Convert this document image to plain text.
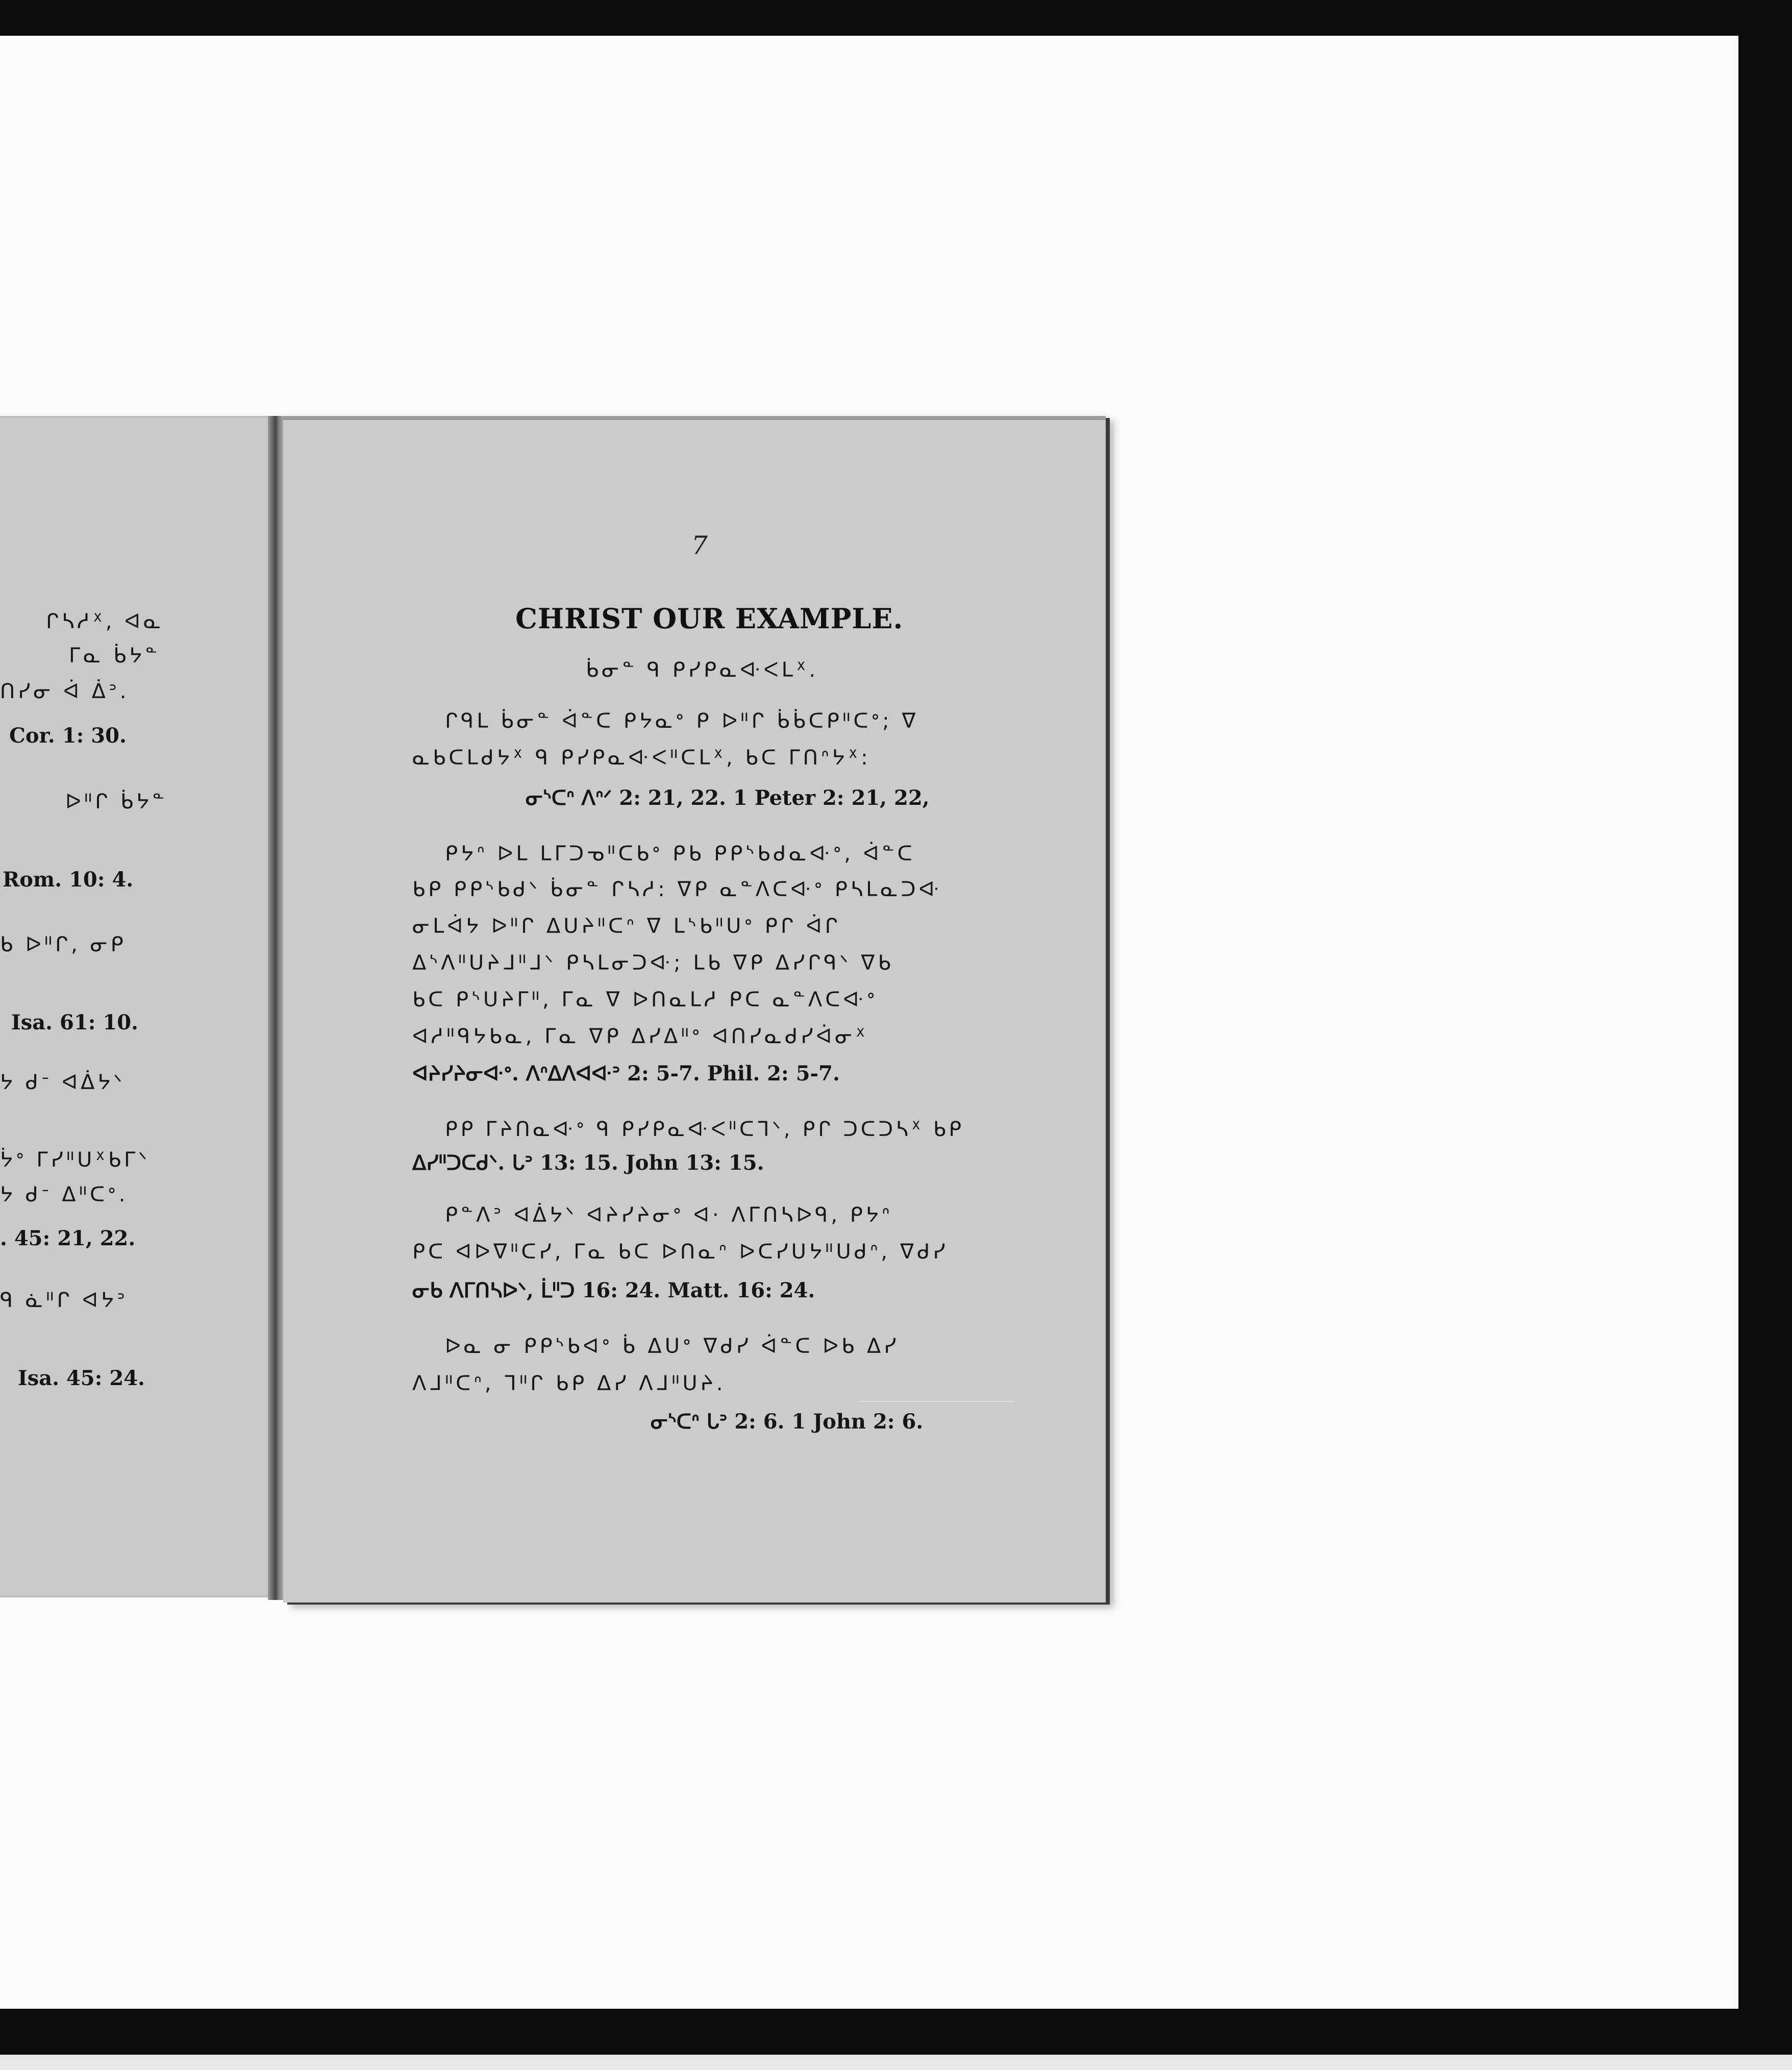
ᒋᓴᓱᕽ, ᐊᓇ
ᒥᓇ ᑳᔭᓐ
ᑎᓯᓂ ᐋ ᐄᐣ.
Cor. 1: 30.
ᐅᐦᒋ ᑳᔭᓐ
Rom. 10: 4.
ᑲ ᐅᐦᒋ, ᓂᑭ
Isa. 61: 10.
ᔭ ᑯᐨ ᐊᐄᔭᐠ
ᔮᐤ ᒥᓯᐦᑌᕽᑲᒥᐠ
ᔭ ᑯᐨ ᐃᐦᑕᐤ.
. 45: 21, 22.
ᑫ ᓈᐦᒋ ᐊᔭᐣ
Isa. 45: 24.
7
CHRIST OUR EXAMPLE.
ᑳᓂᓐ ᑫ ᑭᓯᑭᓇᐘᐸᒪᕽ.
ᒋᑫᒪ ᑳᓂᓐ ᐋᓐᑕ ᑭᔭᓇᐤ ᑭ ᐅᐦᒋ ᑳᑳᑕᑭᐦᑕᐤ; ᐁ
ᓇᑲᑕᒪᑯᔭᕽ ᑫ ᑭᓯᑭᓇᐘᐸᐦᑕᒪᕽ, ᑲᑕ ᒥᑎᐢᔭᕽ:
ᓂᔅᑕᐢ ᐱᐢᐟ 2: 21, 22. 1 Peter 2: 21, 22,
ᑭᔭᐢ ᐅᒪ ᒪᒥᑐᓀᐦᑕᑲᐤ ᑭᑲ ᑭᑭᔅᑲᑯᓇᐘᐤ, ᐋᓐᑕ
ᑲᑭ ᑭᑭᔅᑲᑯᐠ ᑳᓂᓐ ᒋᓴᓱ: ᐁᑭ ᓇᓐᐱᑕᐘᐤ ᑭᓴᒪᓇᑐᐘ
ᓂᒪᐋᔭ ᐅᐦᒋ ᐃᑌᔨᐦᑕᐢ ᐁ ᒪᔅᑲᐦᑌᐤ ᑭᒋ ᐋᒋ
ᐃᔅᐱᐦᑌᔨᒧᐦᒧᐠ ᑭᓴᒪᓂᑐᐘ; ᒪᑲ ᐁᑭ ᐃᓯᒋᑫᐠ ᐁᑲ
ᑲᑕ ᑭᔅᑌᔨᒥᐦ, ᒥᓇ ᐁ ᐅᑎᓇᒪᓱ ᑭᑕ ᓇᓐᐱᑕᐘᐤ
ᐊᓱᐦᑫᔭᑲᓇ, ᒥᓇ ᐁᑭ ᐃᓯᐃᐦᐤ ᐊᑎᓯᓇᑯᓯᐋᓂᕽ
ᐊᔨᓯᔨᓂᐘᐤ. ᐱᐢᐃᐱᐊᐘᐣ 2: 5-7. Phil. 2: 5-7.
ᑭᑭ ᒥᔨᑎᓇᐘᐤ ᑫ ᑭᓯᑭᓇᐘᐸᐦᑕᒣᐠ, ᑭᒋ ᑐᑕᑐᓴᕽ ᑲᑭ
ᐃᓯᐦᑐᑕᑯᐠ. ᒐᐣ 13: 15. John 13: 15.
ᑭᓐᐱᐣ ᐊᐄᔭᐠ ᐊᔨᓯᔨᓂᐤ ᐊ· ᐱᒥᑎᓴᐅᑫ, ᑭᔭᐢ
ᑭᑕ ᐊᐅᐁᐦᑕᓯ, ᒥᓇ ᑲᑕ ᐅᑎᓇᐢ ᐅᑕᓯᑌᔭᐦᑌᑯᐢ, ᐁᑯᓯ
ᓂᑲ ᐱᒥᑎᓴᐅᐠ, ᒫᐦᑐ 16: 24. Matt. 16: 24.
ᐅᓇ ᓂ ᑭᑭᔅᑲᐊᐤ ᑳ ᐃᑌᐤ ᐁᑯᓯ ᐋᓐᑕ ᐅᑲ ᐃᓯ
ᐱᒧᐦᑕᐢ, ᒣᐦᒋ ᑲᑭ ᐃᓯ ᐱᒧᐦᑌᔨ.
ᓂᔅᑕᐢ ᒐᐣ 2: 6. 1 John 2: 6.
